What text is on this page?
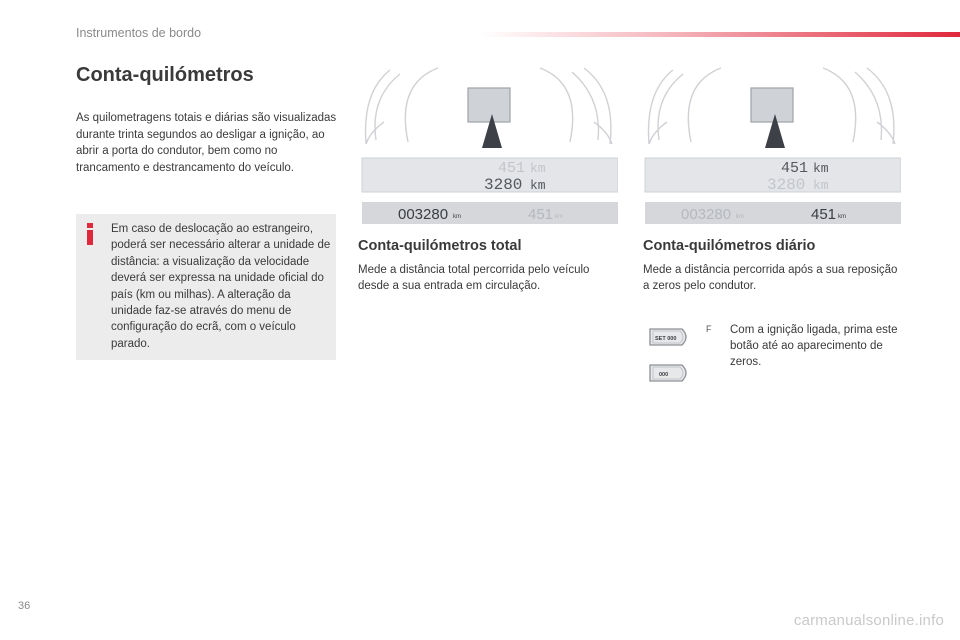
Instrumentos de bordo
Conta-quilómetros

As quilometragens totais e diárias são visualizadas durante trinta segundos ao desligar a ignição, ao abrir a porta do condutor, bem como no trancamento e destrancamento do veículo.

Em caso de deslocação ao estrangeiro, poderá ser necessário alterar a unidade de distância: a visualização da velocidade deverá ser expressa na unidade oficial do país (km ou milhas). A alteração da unidade faz-se através do menu de configuração do ecrã, com o veículo parado.

451 km
3280 km
003280 km	451 km
451 km
3280 km
003280 km	451 km
Conta-quilómetros total

Mede a distância total percorrida pelo veículo desde a sua entrada em circulação.

Conta-quilómetros diário

Mede a distância percorrida após a sua reposição a zeros pelo condutor.

SET 000
000
F Com a ignição ligada, prima este botão até ao aparecimento de zeros.

36
carmanualsonline.info
